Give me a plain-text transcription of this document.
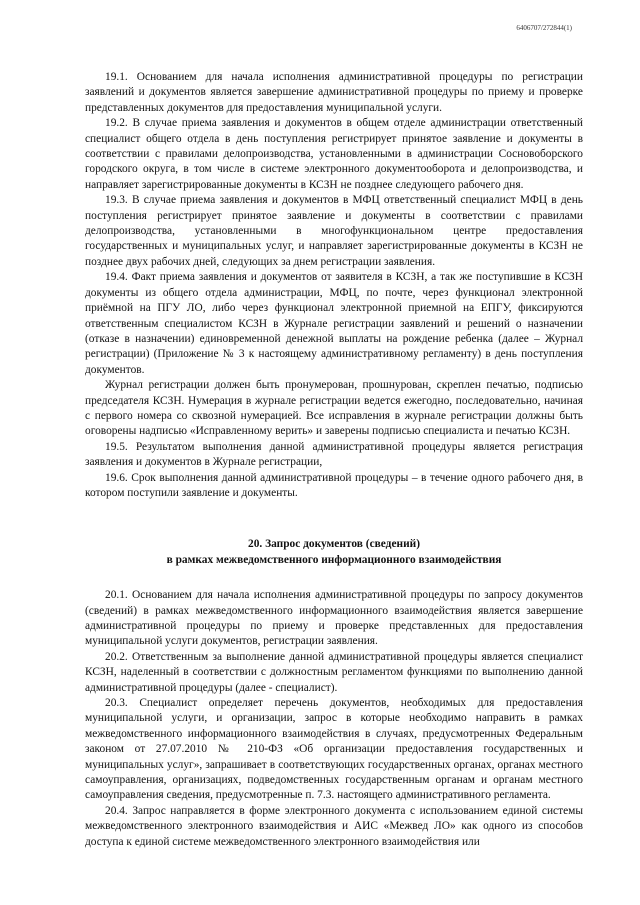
6406707/272844(1)

19.1. Основанием для начала исполнения административной процедуры по регистрации заявлений и документов является завершение административной процедуры по приему и проверке представленных документов для предоставления муниципальной услуги.

19.2. В случае приема заявления и документов в общем отделе администрации ответственный специалист общего отдела в день поступления регистрирует принятое заявление и документы в соответствии с правилами делопроизводства, установленными в администрации Сосновоборского городского округа, в том числе в системе электронного документооборота и делопроизводства, и направляет зарегистрированные документы в КСЗН не позднее следующего рабочего дня.

19.3. В случае приема заявления и документов в МФЦ ответственный специалист МФЦ в день поступления регистрирует принятое заявление и документы в соответствии с правилами делопроизводства, установленными в многофункциональном центре предоставления государственных и муниципальных услуг, и направляет зарегистрированные документы в КСЗН не позднее двух рабочих дней, следующих за днем регистрации заявления.

19.4. Факт приема заявления и документов от заявителя в КСЗН, а так же поступившие в КСЗН документы из общего отдела администрации, МФЦ, по почте, через функционал электронной приёмной на ПГУ ЛО, либо через функционал электронной приемной на ЕПГУ, фиксируются ответственным специалистом КСЗН в Журнале регистрации заявлений и решений о назначении (отказе в назначении) единовременной денежной выплаты на рождение ребенка (далее – Журнал регистрации) (Приложение № 3 к настоящему административному регламенту) в день поступления документов.

Журнал регистрации должен быть пронумерован, прошнурован, скреплен печатью, подписью председателя КСЗН. Нумерация в журнале регистрации ведется ежегодно, последовательно, начиная с первого номера со сквозной нумерацией. Все исправления в журнале регистрации должны быть оговорены надписью «Исправленному верить» и заверены подписью специалиста и печатью КСЗН.

19.5. Результатом выполнения данной административной процедуры является регистрация заявления и документов в Журнале регистрации,

19.6. Срок выполнения данной административной процедуры – в течение одного рабочего дня, в котором поступили заявление и документы.

20. Запрос документов (сведений)
в рамках межведомственного информационного взаимодействия

20.1. Основанием для начала исполнения административной процедуры по запросу документов (сведений) в рамках межведомственного информационного взаимодействия является завершение административной процедуры по приему и проверке представленных для предоставления муниципальной услуги документов, регистрации заявления.

20.2. Ответственным за выполнение данной административной процедуры является специалист КСЗН, наделенный в соответствии с должностным регламентом функциями по выполнению данной административной процедуры (далее - специалист).

20.3. Специалист определяет перечень документов, необходимых для предоставления муниципальной услуги, и организации, запрос в которые необходимо направить в рамках межведомственного информационного взаимодействия в случаях, предусмотренных Федеральным законом от 27.07.2010 № 210-ФЗ «Об организации предоставления государственных и муниципальных услуг», запрашивает в соответствующих государственных органах, органах местного самоуправления, организациях, подведомственных государственным органам и органам местного самоуправления сведения, предусмотренные п. 7.3. настоящего административного регламента.

20.4. Запрос направляется в форме электронного документа с использованием единой системы межведомственного электронного взаимодействия и АИС «Межвед ЛО» как одного из способов доступа к единой системе межведомственного электронного взаимодействия или
